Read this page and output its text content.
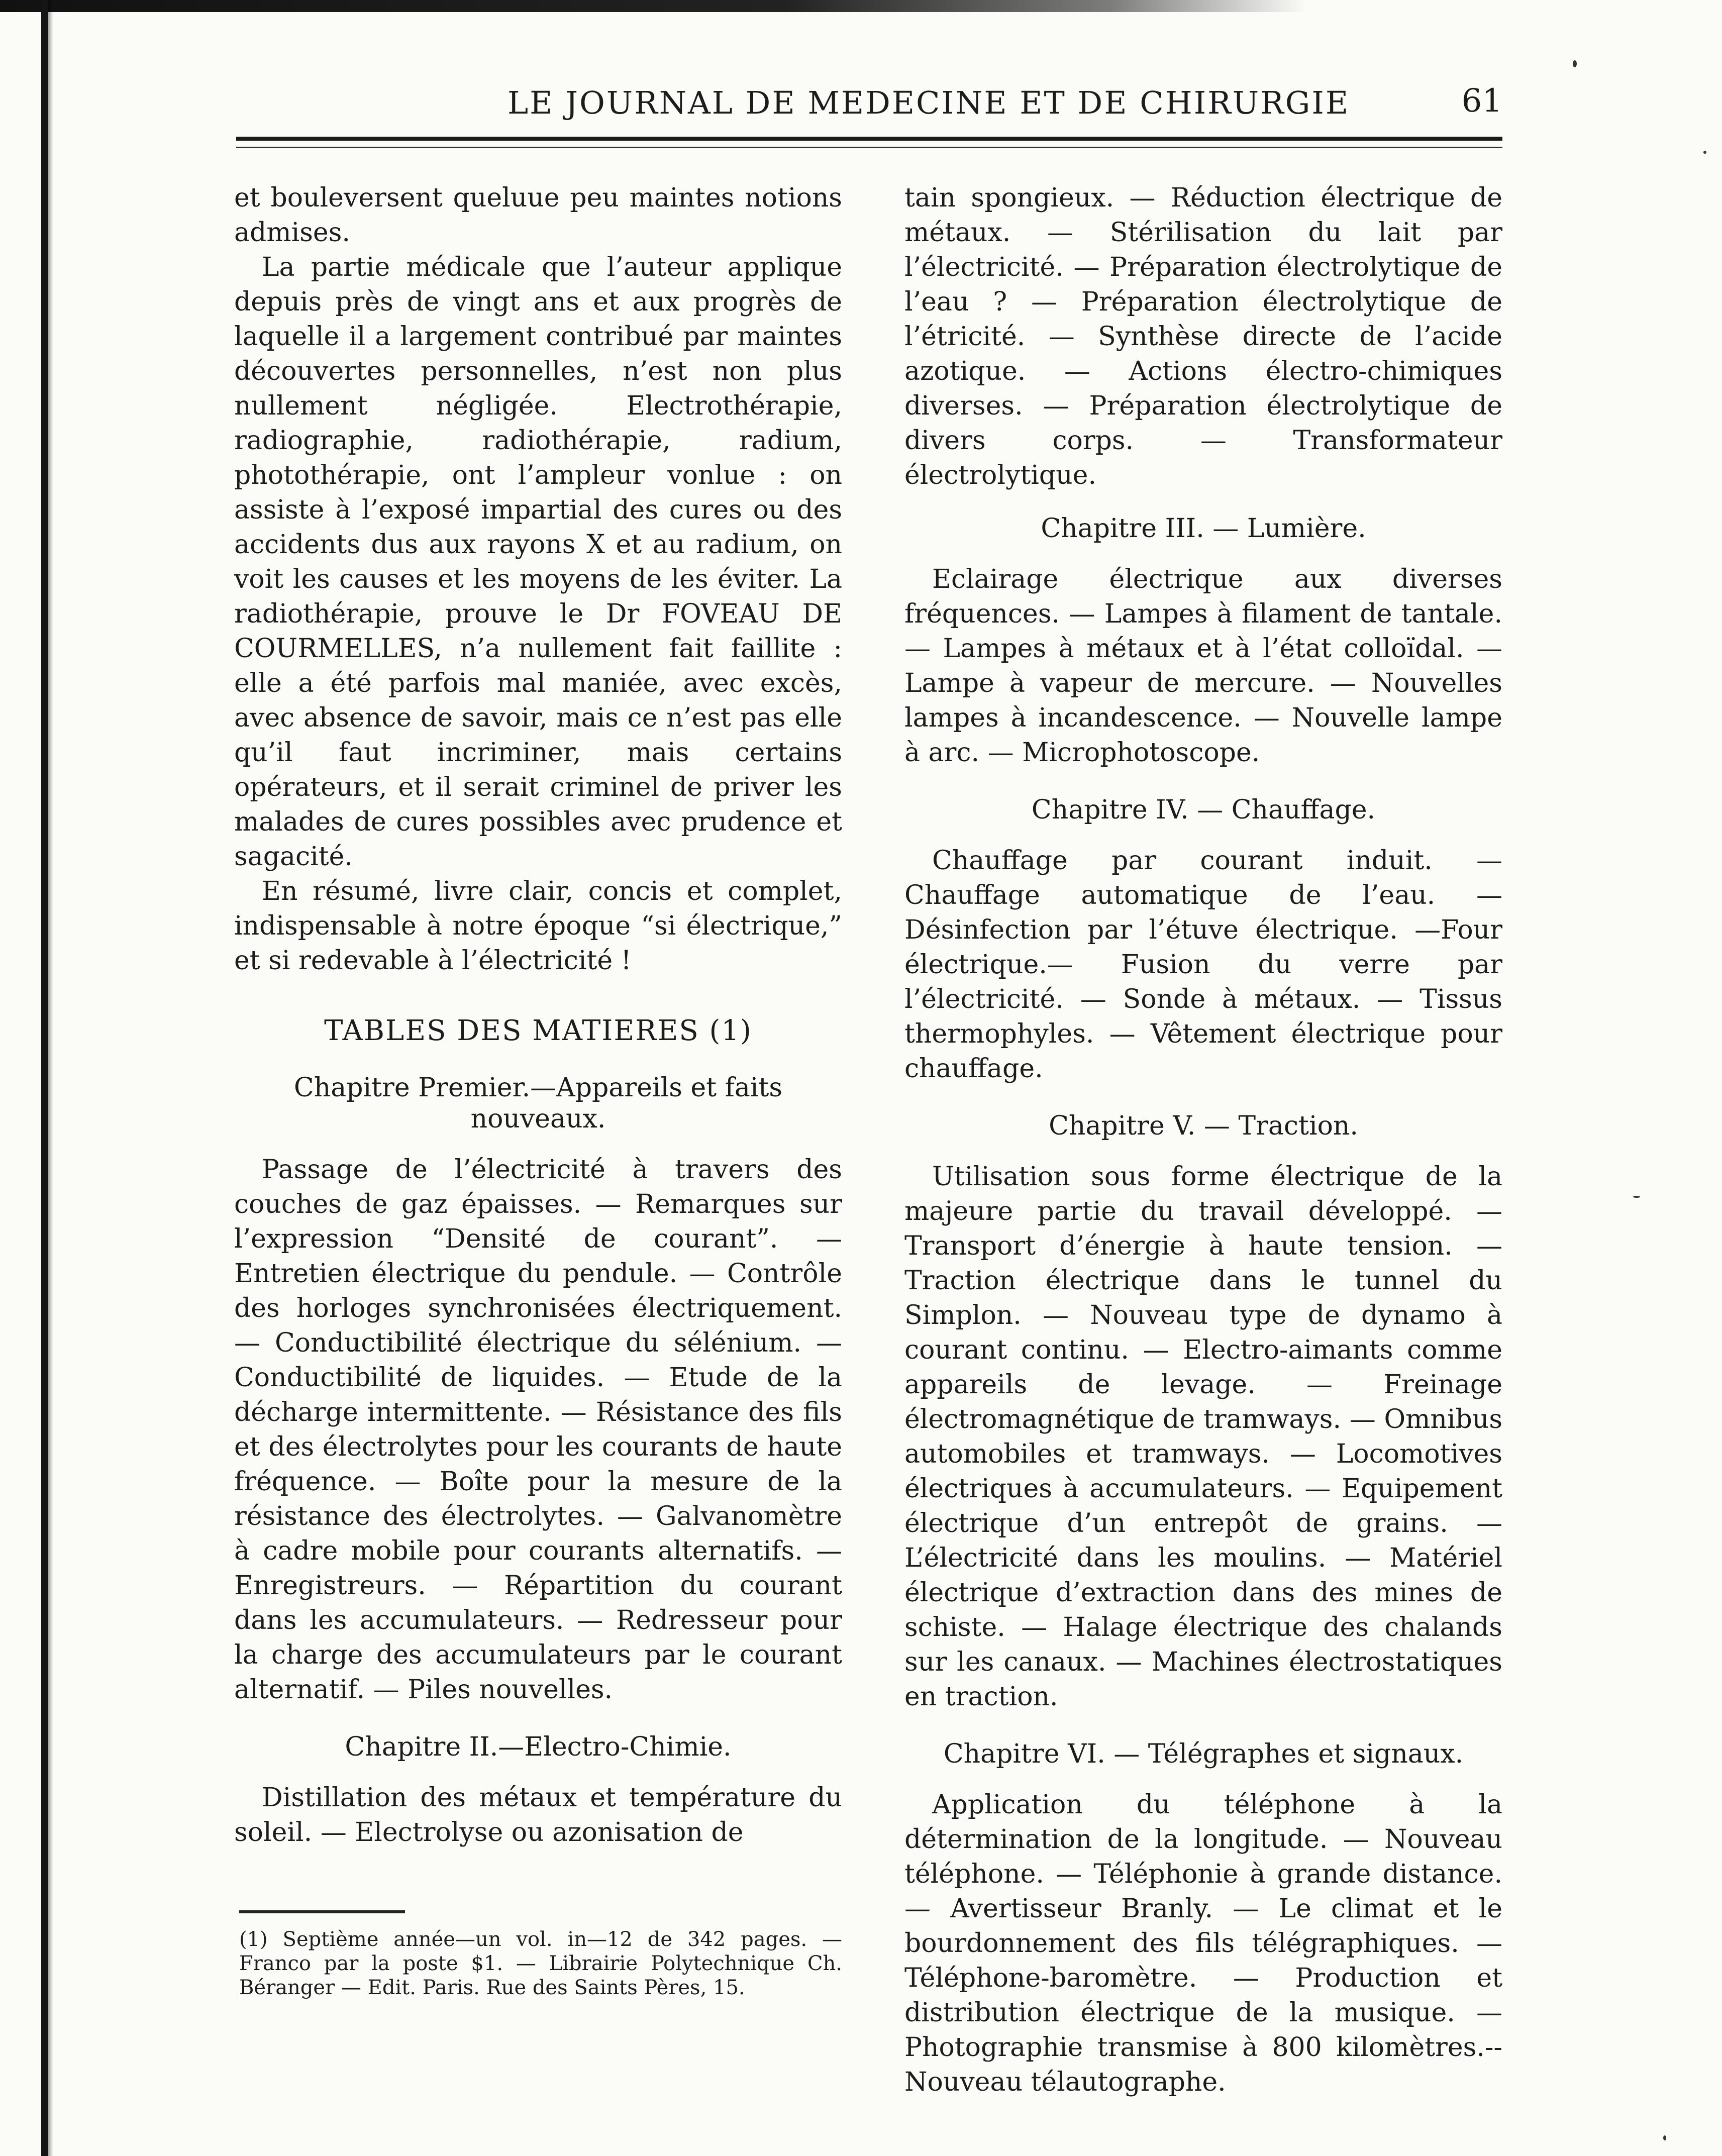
LE JOURNAL DE MEDECINE ET DE CHIRURGIE	61

et bouleversent queluue peu maintes notions admises.

La partie médicale que l’auteur applique depuis près de vingt ans et aux progrès de laquelle il a largement contribué par maintes découvertes personnelles, n’est non plus nullement négligée. Electrothérapie, radiographie, radiothérapie, radium, photothérapie, ont l’ampleur vonlue : on assiste à l’exposé impartial des cures ou des accidents dus aux rayons X et au radium, on voit les causes et les moyens de les éviter. La radiothérapie, prouve le Dr FOVEAU DE COURMELLES, n’a nullement fait faillite : elle a été parfois mal maniée, avec excès, avec absence de savoir, mais ce n’est pas elle qu’il faut incriminer, mais certains opérateurs, et il serait criminel de priver les malades de cures possibles avec prudence et sagacité.

En résumé, livre clair, concis et complet, indispensable à notre époque “si électrique,” et si redevable à l’électricité !

TABLES DES MATIERES (1)
Chapitre Premier.—Appareils et faits nouveaux.

Passage de l’électricité à travers des couches de gaz épaisses. — Remarques sur l’expression “Densité de courant”. — Entretien électrique du pendule. — Contrôle des horloges synchronisées électriquement. — Conductibilité électrique du sélénium. — Conductibilité de liquides. — Etude de la décharge intermittente. — Résistance des fils et des électrolytes pour les courants de haute fréquence. — Boîte pour la mesure de la résistance des électrolytes. — Galvanomètre à cadre mobile pour courants alternatifs. — Enregistreurs. — Répartition du courant dans les accumulateurs. — Redresseur pour la charge des accumulateurs par le courant alternatif. — Piles nouvelles.

Chapitre II.—Electro-Chimie.

Distillation des métaux et température du soleil. — Electrolyse ou azonisation de

(1) Septième année—un vol. in—12 de 342 pages. — Franco par la poste $1. — Librairie Polytechnique Ch. Béranger — Edit. Paris. Rue des Saints Pères, 15.

tain spongieux. — Réduction électrique de métaux. — Stérilisation du lait par l’électricité. — Préparation électrolytique de l’eau ? — Préparation électrolytique de l’étricité. — Synthèse directe de l’acide azotique. — Actions électro-chimiques diverses. — Préparation électrolytique de divers corps. — Transformateur électrolytique.

Chapitre III. — Lumière.

Eclairage électrique aux diverses fréquences. — Lampes à filament de tantale. — Lampes à métaux et à l’état colloïdal. — Lampe à vapeur de mercure. — Nouvelles lampes à incandescence. — Nouvelle lampe à arc. — Microphotoscope.

Chapitre IV. — Chauffage.

Chauffage par courant induit. — Chauffage automatique de l’eau. — Désinfection par l’étuve électrique. —Four électrique.— Fusion du verre par l’électricité. — Sonde à métaux. — Tissus thermophyles. — Vêtement électrique pour chauffage.

Chapitre V. — Traction.

Utilisation sous forme électrique de la majeure partie du travail développé. — Transport d’énergie à haute tension. — Traction électrique dans le tunnel du Simplon. — Nouveau type de dynamo à courant continu. — Electro-aimants comme appareils de levage. — Freinage électromagnétique de tramways. — Omnibus automobiles et tramways. — Locomotives électriques à accumulateurs. — Equipement électrique d’un entrepôt de grains. — L’électricité dans les moulins. — Matériel électrique d’extraction dans des mines de schiste. — Halage électrique des chalands sur les canaux. — Machines électrostatiques en traction.

Chapitre VI. — Télégraphes et signaux.

Application du téléphone à la détermination de la longitude. — Nouveau téléphone. — Téléphonie à grande distance. — Avertisseur Branly. — Le climat et le bourdonnement des fils télégraphiques. — Téléphone-baromètre. — Production et distribution électrique de la musique. — Photographie transmise à 800 kilomètres.--Nouveau télautographe.
